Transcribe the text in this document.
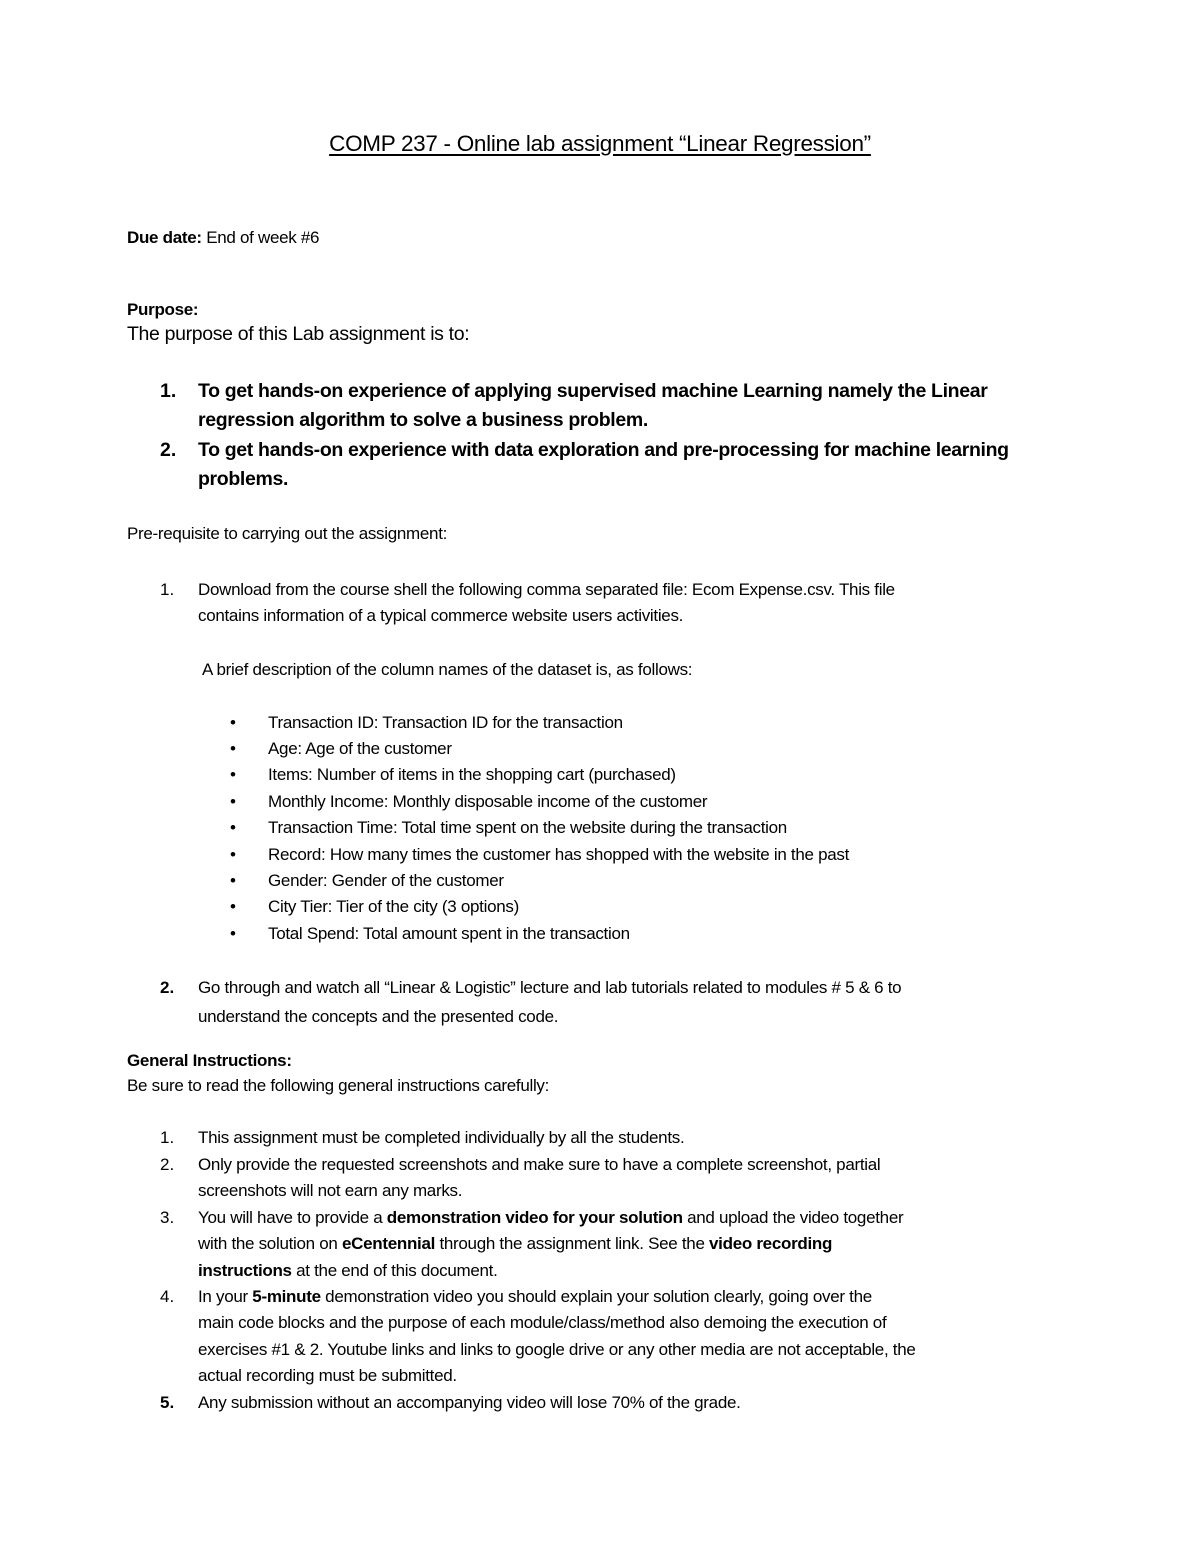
COMP 237 - Online lab assignment “Linear Regression”
Due date: End of week #6
Purpose:
The purpose of this Lab assignment is to:
1. To get hands-on experience of applying supervised machine Learning namely the Linear
regression algorithm to solve a business problem.
2. To get hands-on experience with data exploration and pre-processing for machine learning
problems.
Pre-requisite to carrying out the assignment:
1. Download from the course shell the following comma separated file: Ecom Expense.csv. This file
contains information of a typical commerce website users activities.
A brief description of the column names of the dataset is, as follows:
•
Transaction ID: Transaction ID for the transaction
•
Age: Age of the customer
•
Items: Number of items in the shopping cart (purchased)
•
Monthly Income: Monthly disposable income of the customer
•
Transaction Time: Total time spent on the website during the transaction
•
Record: How many times the customer has shopped with the website in the past
•
Gender: Gender of the customer
•
City Tier: Tier of the city (3 options)
•
Total Spend: Total amount spent in the transaction
2. Go through and watch all “Linear & Logistic” lecture and lab tutorials related to modules # 5 & 6 to
understand the concepts and the presented code.
General Instructions:
Be sure to read the following general instructions carefully:
1. This assignment must be completed individually by all the students.
2. Only provide the requested screenshots and make sure to have a complete screenshot, partial
screenshots will not earn any marks.
3. You will have to provide a demonstration video for your solution and upload the video together
with the solution on eCentennial through the assignment link. See the video recording
instructions at the end of this document.
4. In your 5-minute demonstration video you should explain your solution clearly, going over the
main code blocks and the purpose of each module/class/method also demoing the execution of
exercises #1 & 2. Youtube links and links to google drive or any other media are not acceptable, the
actual recording must be submitted.
5. Any submission without an accompanying video will lose 70% of the grade.
